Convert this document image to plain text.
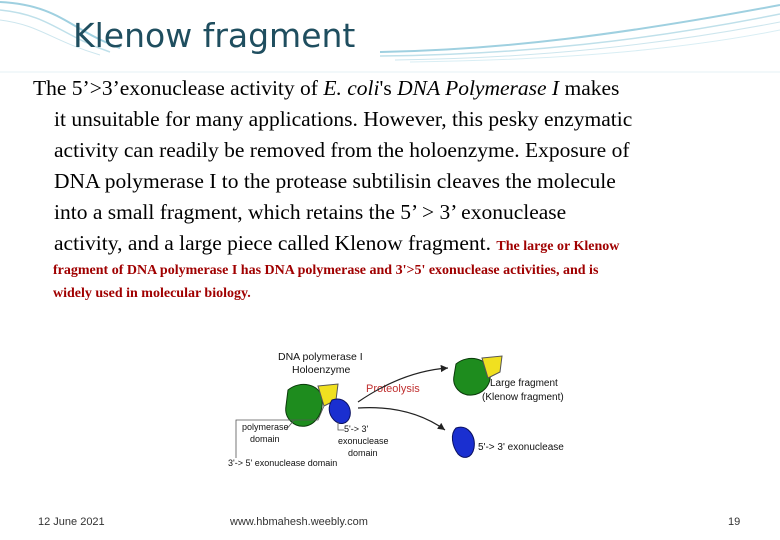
Klenow fragment
The 5’>3’exonuclease activity of E. coli's DNA Polymerase I makes
it unsuitable for many applications. However, this pesky enzymatic
activity can readily be removed from the holoenzyme. Exposure of
DNA polymerase I to the protease subtilisin cleaves the molecule
into a small fragment, which retains the 5’ > 3’ exonuclease
activity, and a large piece called Klenow fragment. The large or Klenow
fragment of DNA polymerase I has DNA polymerase and 3'>5' exonuclease activities, and is
widely used in molecular biology.
DNA polymerase I
Holoenzyme
Proteolysis	Large fragment
(Klenow fragment)
5'-> 3' exonuclease
polymerase
domain
5'-> 3'
exonuclease
domain
3'-> 5' exonuclease domain
12 June 2021	www.hbmahesh.weebly.com	19
